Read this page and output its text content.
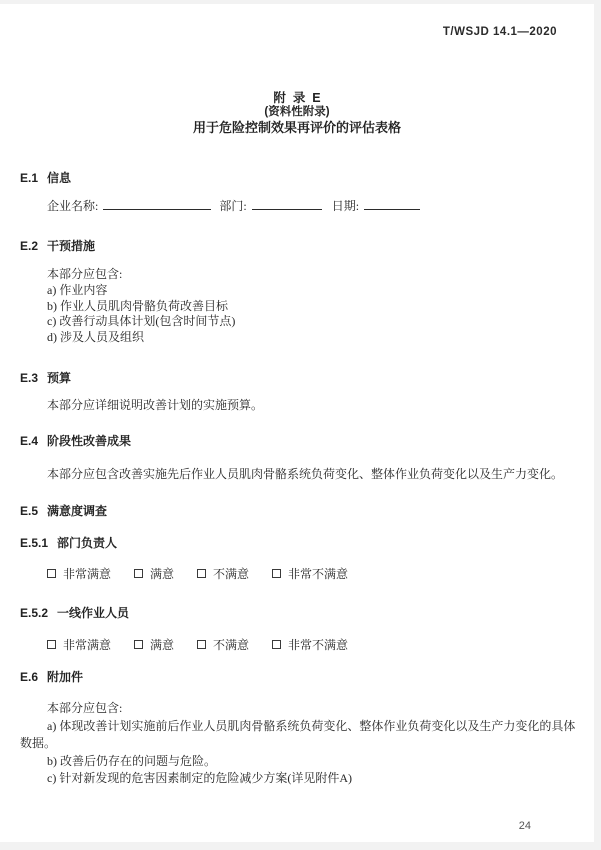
T/WSJD 14.1—2020
附  录  E
(资料性附录)
用于危险控制效果再评价的评估表格
E.1 信息
企业名称:	部门:	日期:
E.2 干预措施
本部分应包含:
a) 作业内容
b) 作业人员肌肉骨骼负荷改善目标
c) 改善行动具体计划(包含时间节点)
d) 涉及人员及组织
E.3 预算
本部分应详细说明改善计划的实施预算。
E.4 阶段性改善成果
本部分应包含改善实施先后作业人员肌肉骨骼系统负荷变化、整体作业负荷变化以及生产力变化。
E.5 满意度调查
E.5.1 部门负责人
非常满意	满意	不满意	非常不满意
E.5.2 一线作业人员
非常满意	满意	不满意	非常不满意
E.6 附加件

本部分应包含:

a) 体现改善计划实施前后作业人员肌肉骨骼系统负荷变化、整体作业负荷变化以及生产力变化的具体数据。

b) 改善后仍存在的问题与危险。

c) 针对新发现的危害因素制定的危险减少方案(详见附件A)

24
